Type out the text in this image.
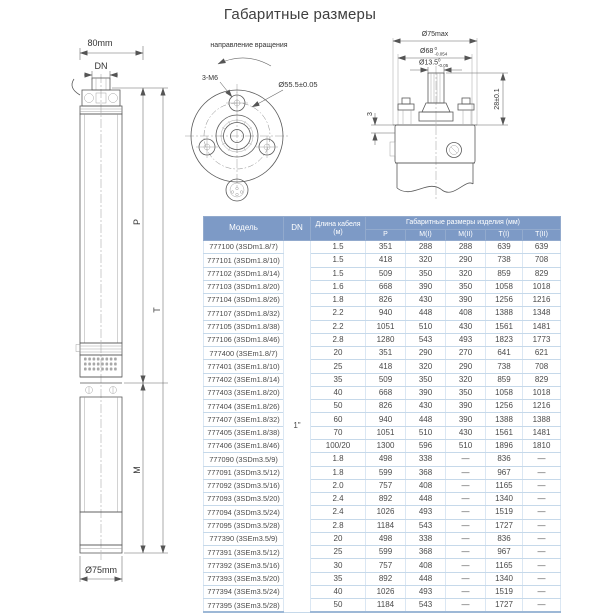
Габаритные размеры
80mm
DN
P
T
M
Ø75mm
направление вращения
3-M6
Ø55.5±0.05
Ø75max
Ø68 0
-0.054
Ø13.5 0
-0.05
3
28±0.1
Модель	DN	Длина кабеля (м)	Габаритные размеры изделия (мм)				
			P	M(I)	M(II)	T(I)	T(II)
777100 (3SDm1.8/7)	1"	1.5	351	288	288	639	639
777101 (3SDm1.8/10)		1.5	418	320	290	738	708
777102 (3SDm1.8/14)		1.5	509	350	320	859	829
777103 (3SDm1.8/20)		1.6	668	390	350	1058	1018
777104 (3SDm1.8/26)		1.8	826	430	390	1256	1216
777107 (3SDm1.8/32)		2.2	940	448	408	1388	1348
777105 (3SDm1.8/38)		2.2	1051	510	430	1561	1481
777106 (3SDm1.8/46)		2.8	1280	543	493	1823	1773
777400 (3SEm1.8/7)		20	351	290	270	641	621
777401 (3SEm1.8/10)		25	418	320	290	738	708
777402 (3SEm1.8/14)		35	509	350	320	859	829
777403 (3SEm1.8/20)		40	668	390	350	1058	1018
777404 (3SEm1.8/26)		50	826	430	390	1256	1216
777407 (3SEm1.8/32)		60	940	448	390	1388	1388
777405 (3SEm1.8/38)		70	1051	510	430	1561	1481
777406 (3SEm1.8/46)		100/20	1300	596	510	1896	1810
777090 (3SDm3.5/9)		1.8	498	338	—	836	—
777091 (3SDm3.5/12)		1.8	599	368	—	967	—
777092 (3SDm3.5/16)		2.0	757	408	—	1165	—
777093 (3SDm3.5/20)		2.4	892	448	—	1340	—
777094 (3SDm3.5/24)		2.4	1026	493	—	1519	—
777095 (3SDm3.5/28)		2.8	1184	543	—	1727	—
777390 (3SEm3.5/9)		20	498	338	—	836	—
777391 (3SEm3.5/12)		25	599	368	—	967	—
777392 (3SEm3.5/16)		30	757	408	—	1165	—
777393 (3SEm3.5/20)		35	892	448	—	1340	—
777394 (3SEm3.5/24)		40	1026	493	—	1519	—
777395 (3SEm3.5/28)		50	1184	543	—	1727	—
